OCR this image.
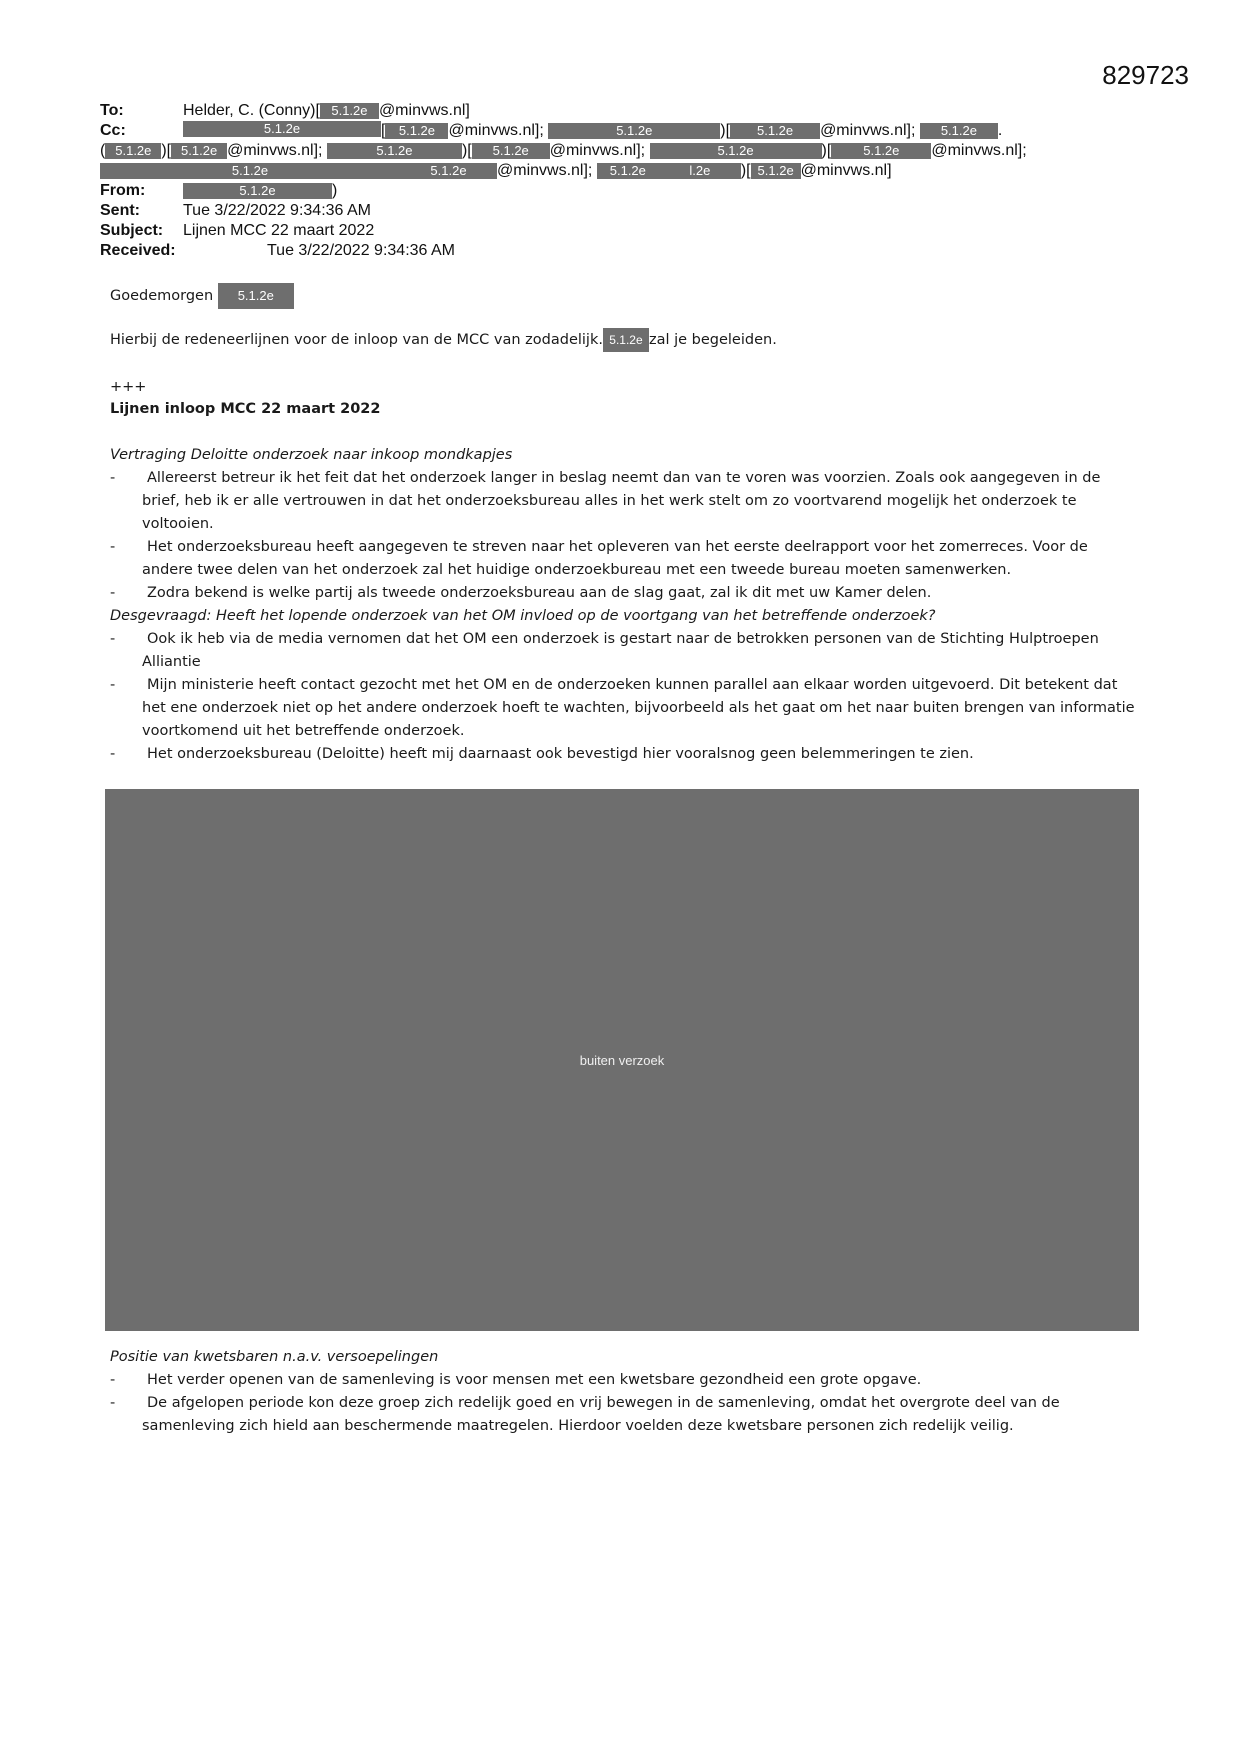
829723
To:	Helder, C. (Conny)[ 5.1.2e @minvws.nl]
Cc:	5.1.2e	[ 5.1.2e @minvws.nl];	5.1.2e	)[ 5.1.2e @minvws.nl]; 5.1.2e .
( 5.1.2e )[ 5.1.2e @minvws.nl];	5.1.2e	)[ 5.1.2e @minvws.nl];	5.1.2e	)[ 5.1.2e @minvws.nl];
5.1.2e	5.1.2e @minvws.nl]; 5.1.2e	l.2e )[ 5.1.2e @minvws.nl]
From:	5.1.2e	)
Sent:	Tue 3/22/2022 9:34:36 AM
Subject: Lijnen MCC 22 maart 2022
Received:	Tue 3/22/2022 9:34:36 AM
Goedemorgen 5.1.2e
Hierbij de redeneerlijnen voor de inloop van de MCC van zodadelijk. 5.1.2e zal je begeleiden.
+++
Lijnen inloop MCC 22 maart 2022
Vertraging Deloitte onderzoek naar inkoop mondkapjes
- Allereerst betreur ik het feit dat het onderzoek langer in beslag neemt dan van te voren was voorzien. Zoals ook aangegeven in de brief, heb ik er alle vertrouwen in dat het onderzoeksbureau alles in het werk stelt om zo voortvarend mogelijk het onderzoek te voltooien.
- Het onderzoeksbureau heeft aangegeven te streven naar het opleveren van het eerste deelrapport voor het zomerreces. Voor de andere twee delen van het onderzoek zal het huidige onderzoekbureau met een tweede bureau moeten samenwerken.
- Zodra bekend is welke partij als tweede onderzoeksbureau aan de slag gaat, zal ik dit met uw Kamer delen.
Desgevraagd: Heeft het lopende onderzoek van het OM invloed op de voortgang van het betreffende onderzoek?
- Ook ik heb via de media vernomen dat het OM een onderzoek is gestart naar de betrokken personen van de Stichting Hulptroepen Alliantie
- Mijn ministerie heeft contact gezocht met het OM en de onderzoeken kunnen parallel aan elkaar worden uitgevoerd. Dit betekent dat het ene onderzoek niet op het andere onderzoek hoeft te wachten, bijvoorbeeld als het gaat om het naar buiten brengen van informatie voortkomend uit het betreffende onderzoek.
- Het onderzoeksbureau (Deloitte) heeft mij daarnaast ook bevestigd hier vooralsnog geen belemmeringen te zien.
buiten verzoek
Positie van kwetsbaren n.a.v. versoepelingen
- Het verder openen van de samenleving is voor mensen met een kwetsbare gezondheid een grote opgave.
- De afgelopen periode kon deze groep zich redelijk goed en vrij bewegen in de samenleving, omdat het overgrote deel van de samenleving zich hield aan beschermende maatregelen. Hierdoor voelden deze kwetsbare personen zich redelijk veilig.
